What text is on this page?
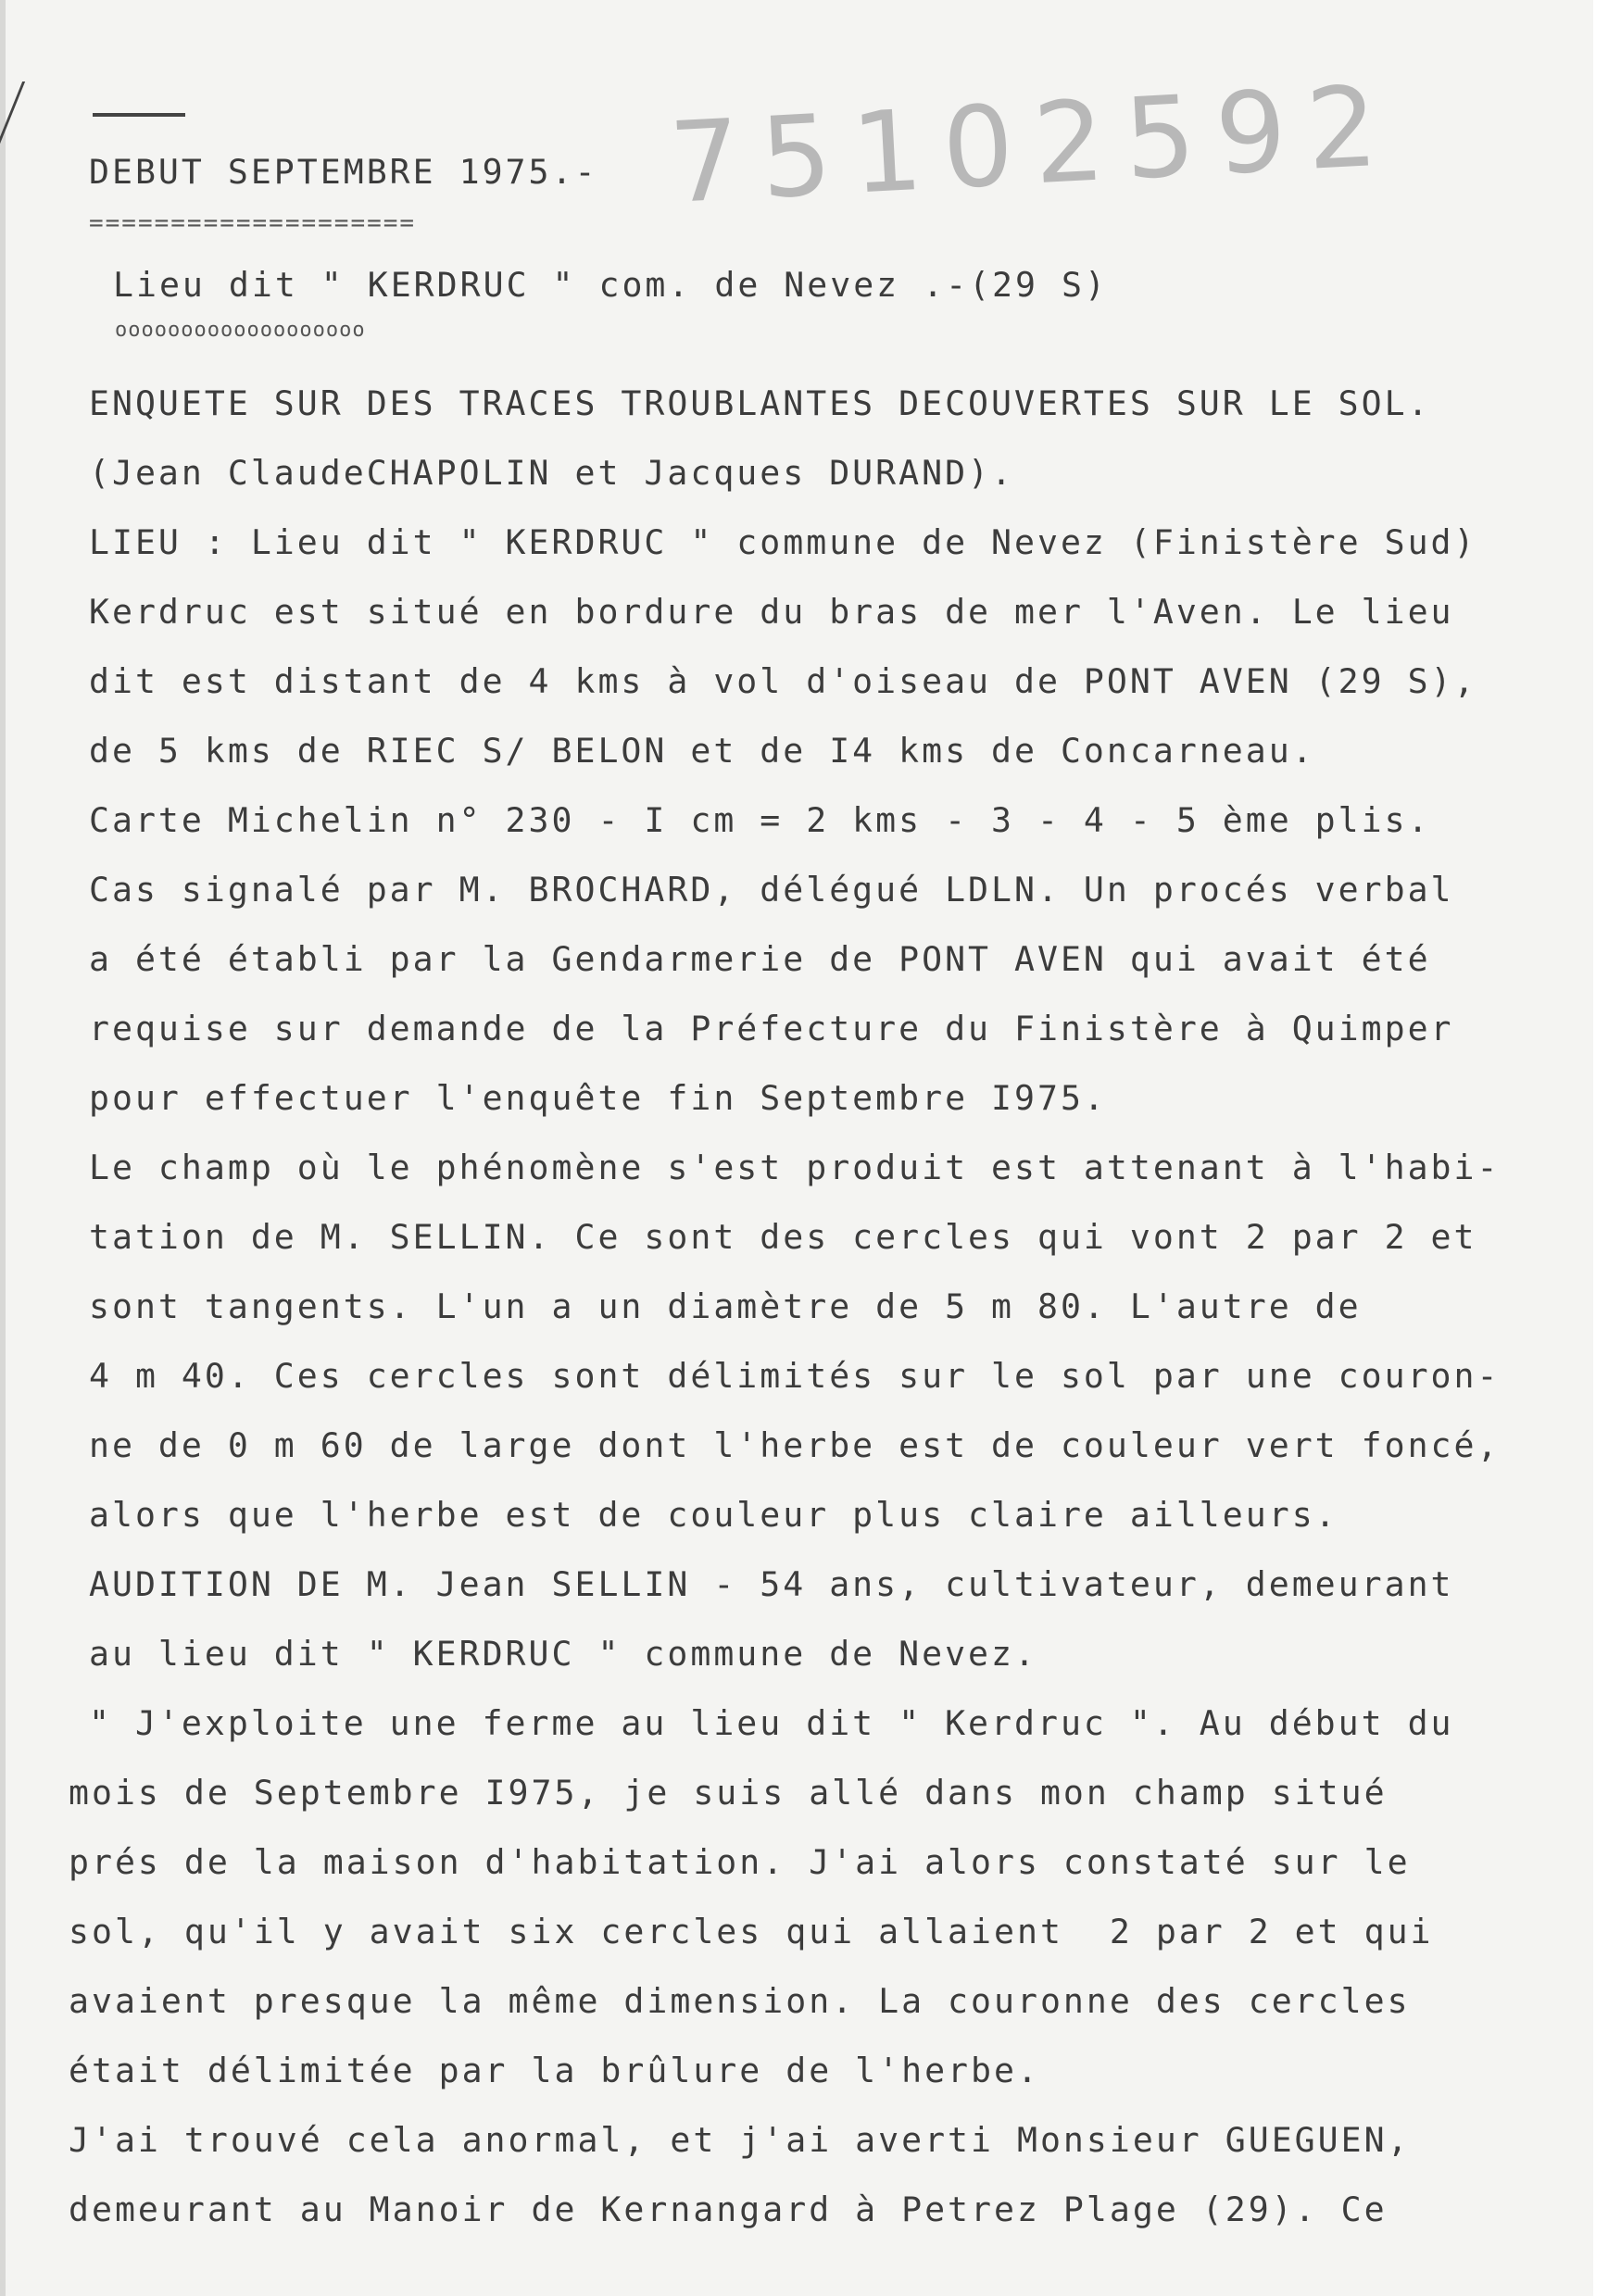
75102592
DEBUT SEPTEMBRE 1975.-
====================
Lieu dit " KERDRUC " com. de Nevez .-(29 S)
ooooooooooooooooooo
ENQUETE SUR DES TRACES TROUBLANTES DECOUVERTES SUR LE SOL.
(Jean ClaudeCHAPOLIN et Jacques DURAND).
LIEU : Lieu dit " KERDRUC " commune de Nevez (Finistère Sud)
Kerdruc est situé en bordure du bras de mer l'Aven. Le lieu
dit est distant de 4 kms à vol d'oiseau de PONT AVEN (29 S),
de 5 kms de RIEC S/ BELON et de I4 kms de Concarneau.
Carte Michelin n° 230 - I cm = 2 kms - 3 - 4 - 5 ème plis.
Cas signalé par M. BROCHARD, délégué LDLN. Un procés verbal
a été établi par la Gendarmerie de PONT AVEN qui avait été
requise sur demande de la Préfecture du Finistère à Quimper
pour effectuer l'enquête fin Septembre I975.
Le champ où le phénomène s'est produit est attenant à l'habi-
tation de M. SELLIN. Ce sont des cercles qui vont 2 par 2 et
sont tangents. L'un a un diamètre de 5 m 80. L'autre de
4 m 40. Ces cercles sont délimités sur le sol par une couron-
ne de 0 m 60 de large dont l'herbe est de couleur vert foncé,
alors que l'herbe est de couleur plus claire ailleurs.
AUDITION DE M. Jean SELLIN - 54 ans, cultivateur, demeurant
au lieu dit " KERDRUC " commune de Nevez.
" J'exploite une ferme au lieu dit " Kerdruc ". Au début du
mois de Septembre I975, je suis allé dans mon champ situé
prés de la maison d'habitation. J'ai alors constaté sur le
sol, qu'il y avait six cercles qui allaient  2 par 2 et qui
avaient presque la même dimension. La couronne des cercles
était délimitée par la brûlure de l'herbe.
J'ai trouvé cela anormal, et j'ai averti Monsieur GUEGUEN,
demeurant au Manoir de Kernangard à Petrez Plage (29). Ce
